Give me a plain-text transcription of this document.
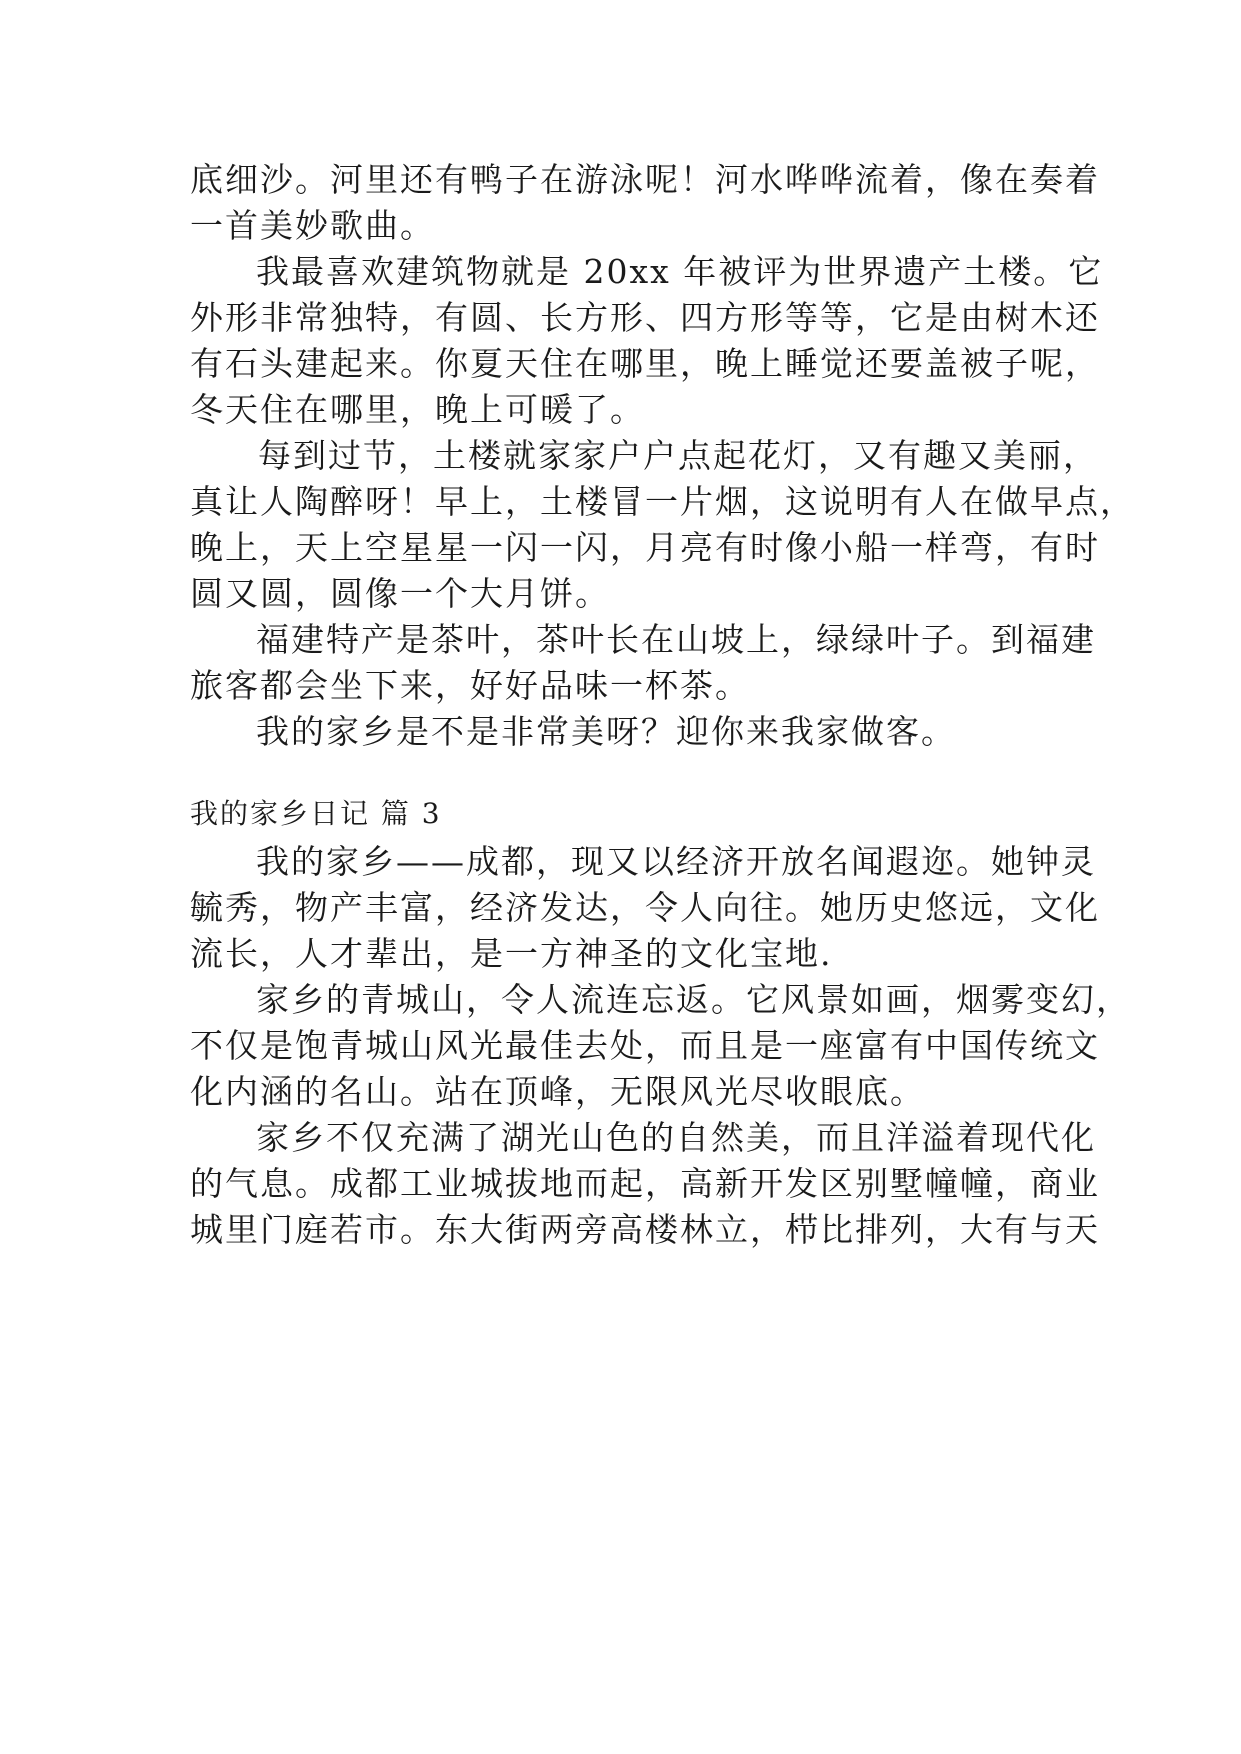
底细沙。河里还有鸭子在游泳呢！河水哗哗流着，像在奏着
一首美妙歌曲。
我最喜欢建筑物就是 20xx 年被评为世界遗产土楼。它
外形非常独特，有圆、长方形、四方形等等，它是由树木还
有石头建起来。你夏天住在哪里，晚上睡觉还要盖被子呢，
冬天住在哪里，晚上可暖了。
每到过节，土楼就家家户户点起花灯，又有趣又美丽，
真让人陶醉呀！早上，土楼冒一片烟，这说明有人在做早点，
晚上，天上空星星一闪一闪，月亮有时像小船一样弯，有时
圆又圆，圆像一个大月饼。
福建特产是茶叶，茶叶长在山坡上，绿绿叶子。到福建
旅客都会坐下来，好好品味一杯茶。
我的家乡是不是非常美呀？迎你来我家做客。
我的家乡日记 篇 3
我的家乡——成都，现又以经济开放名闻遐迩。她钟灵
毓秀，物产丰富，经济发达，令人向往。她历史悠远，文化
流长，人才辈出，是一方神圣的文化宝地.
家乡的青城山，令人流连忘返。它风景如画，烟雾变幻，
不仅是饱青城山风光最佳去处，而且是一座富有中国传统文
化内涵的名山。站在顶峰，无限风光尽收眼底。
家乡不仅充满了湖光山色的自然美，而且洋溢着现代化
的气息。成都工业城拔地而起，高新开发区别墅幢幢，商业
城里门庭若市。东大街两旁高楼林立，栉比排列，大有与天
